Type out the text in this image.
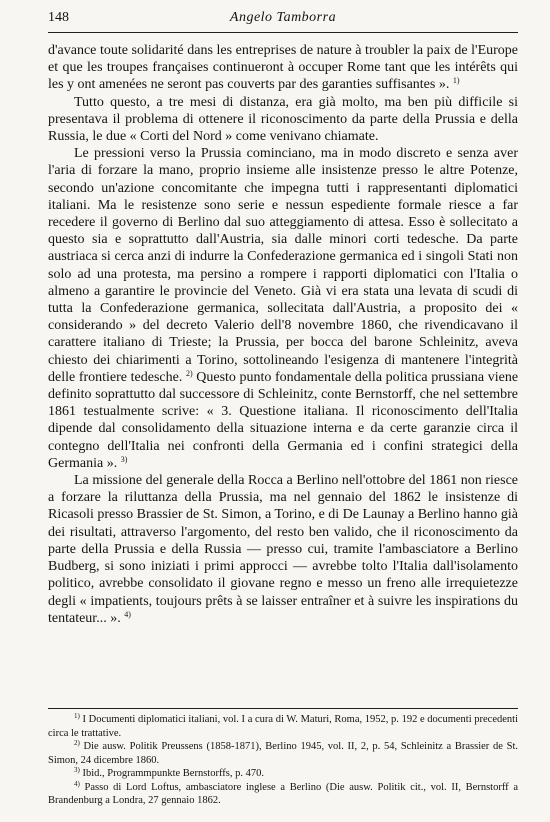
148	Angelo Tamborra

d'avance toute solidarité dans les entreprises de nature à troubler la paix de l'Europe et que les troupes françaises continueront à occuper Rome tant que les intérêts qui les y ont amenées ne seront pas couverts par des garanties suffisantes ». $^{1)}$

Tutto questo, a tre mesi di distanza, era già molto, ma ben più difficile si presentava il problema di ottenere il riconoscimento da parte della Prussia e della Russia, le due « Corti del Nord » come venivano chiamate.

Le pressioni verso la Prussia cominciano, ma in modo discreto e senza aver l'aria di forzare la mano, proprio insieme alle insistenze presso le altre Potenze, secondo un'azione concomitante che impegna tutti i rappresentanti diplomatici italiani. Ma le resistenze sono serie e nessun espediente formale riesce a far recedere il governo di Berlino dal suo atteggiamento di attesa. Esso è sollecitato a questo sia e soprattutto dall'Austria, sia dalle minori corti tedesche. Da parte austriaca si cerca anzi di indurre la Confederazione germanica ed i singoli Stati non solo ad una protesta, ma persino a rompere i rapporti diplomatici con l'Italia o almeno a garantire le provincie del Veneto. Già vi era stata una levata di scudi di tutta la Confederazione germanica, sollecitata dall'Austria, a proposito dei « considerando » del decreto Valerio dell'8 novembre 1860, che rivendicavano il carattere italiano di Trieste; la Prussia, per bocca del barone Schleinitz, aveva chiesto dei chiarimenti a Torino, sottolineando l'esigenza di mantenere l'integrità delle frontiere tedesche. $^{2)}$ Questo punto fondamentale della politica prussiana viene definito soprattutto dal successore di Schleinitz, conte Bernstorff, che nel settembre 1861 testualmente scrive: « 3. Questione italiana. Il riconoscimento dell'Italia dipende dal consolidamento della situazione interna e da certe garanzie circa il contegno dell'Italia nei confronti della Germania ed i confini strategici della Germania ». $^{3)}$

La missione del generale della Rocca a Berlino nell'ottobre del 1861 non riesce a forzare la riluttanza della Prussia, ma nel gennaio del 1862 le insistenze di Ricasoli presso Brassier de St. Simon, a Torino, e di De Launay a Berlino hanno già dei risultati, attraverso l'argomento, del resto ben valido, che il riconoscimento da parte della Prussia e della Russia — presso cui, tramite l'ambasciatore a Berlino Budberg, si sono iniziati i primi approcci — avrebbe tolto l'Italia dall'isolamento politico, avrebbe consolidato il giovane regno e messo un freno alle irrequietezze degli « impatients, toujours prêts à se laisser entraîner et à suivre les inspirations du tentateur... ». $^{4)}$

$^{1)}$ I Documenti diplomatici italiani, vol. I a cura di W. Maturi, Roma, 1952, p. 192 e documenti precedenti circa le trattative.

$^{2)}$ Die ausw. Politik Preussens (1858-1871), Berlino 1945, vol. II, 2, p. 54, Schleinitz a Brassier de St. Simon, 24 dicembre 1860.

$^{3)}$ Ibid., Programmpunkte Bernstorffs, p. 470.

$^{4)}$ Passo di Lord Loftus, ambasciatore inglese a Berlino (Die ausw. Politik cit., vol. II, Bernstorff a Brandenburg a Londra, 27 gennaio 1862.
